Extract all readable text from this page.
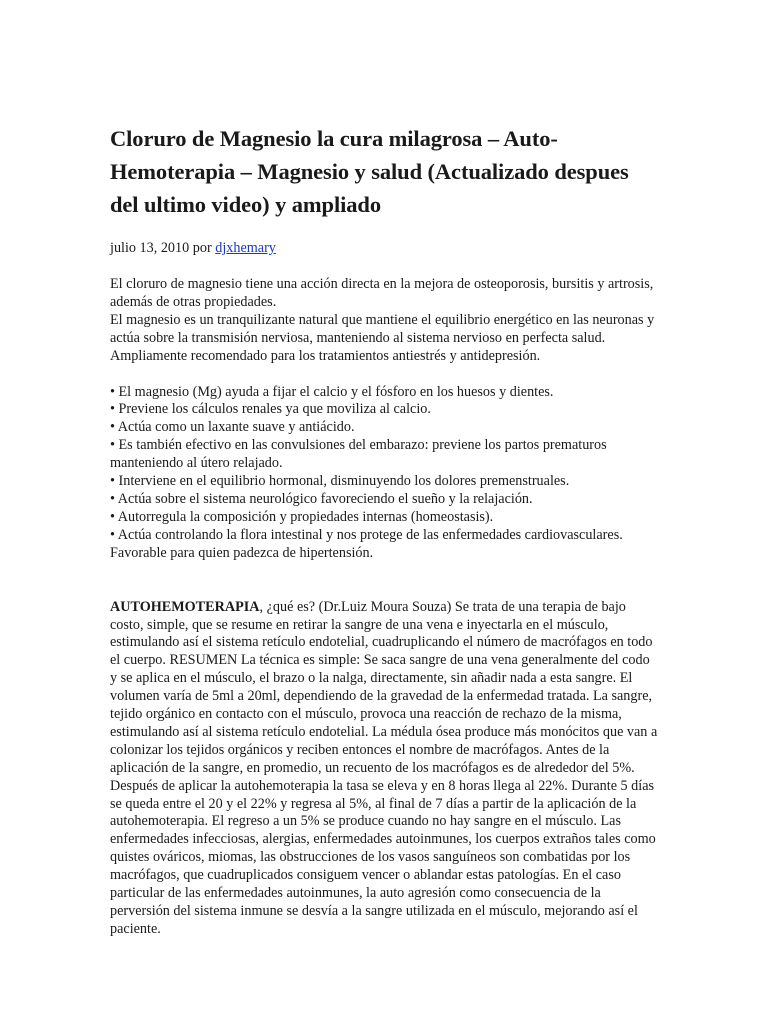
Cloruro de Magnesio la cura milagrosa – Auto-Hemoterapia – Magnesio y salud (Actualizado despues del ultimo video) y ampliado
julio 13, 2010 por djxhemary

El cloruro de magnesio tiene una acción directa en la mejora de osteoporosis, bursitis y artrosis, además de otras propiedades.

El magnesio es un tranquilizante natural que mantiene el equilibrio energético en las neuronas y actúa sobre la transmisión nerviosa, manteniendo al sistema nervioso en perfecta salud.

Ampliamente recomendado para los tratamientos antiestrés y antidepresión.

• El magnesio (Mg) ayuda a fijar el calcio y el fósforo en los huesos y dientes.
• Previene los cálculos renales ya que moviliza al calcio.
• Actúa como un laxante suave y antiácido.
• Es también efectivo en las convulsiones del embarazo: previene los partos prematuros manteniendo al útero relajado.
• Interviene en el equilibrio hormonal, disminuyendo los dolores premenstruales.
• Actúa sobre el sistema neurológico favoreciendo el sueño y la relajación.
• Autorregula la composición y propiedades internas (homeostasis).
• Actúa controlando la flora intestinal y nos protege de las enfermedades cardiovasculares. Favorable para quien padezca de hipertensión.

AUTOHEMOTERAPIA, ¿qué es? (Dr.Luiz Moura Souza) Se trata de una terapia de bajo costo, simple, que se resume en retirar la sangre de una vena e inyectarla en el músculo, estimulando así el sistema retículo endotelial, cuadruplicando el número de macrófagos en todo el cuerpo. RESUMEN La técnica es simple: Se saca sangre de una vena generalmente del codo y se aplica en el músculo, el brazo o la nalga, directamente, sin añadir nada a esta sangre. El volumen varía de 5ml a 20ml, dependiendo de la gravedad de la enfermedad tratada. La sangre, tejido orgánico en contacto con el músculo, provoca una reacción de rechazo de la misma, estimulando así al sistema retículo endotelial. La médula ósea produce más monócitos que van a colonizar los tejidos orgánicos y reciben entonces el nombre de macrófagos. Antes de la aplicación de la sangre, en promedio, un recuento de los macrófagos es de alrededor del 5%. Después de aplicar la autohemoterapia la tasa se eleva y en 8 horas llega al 22%. Durante 5 días se queda entre el 20 y el 22% y regresa al 5%, al final de 7 días a partir de la aplicación de la autohemoterapia. El regreso a un 5% se produce cuando no hay sangre en el músculo. Las enfermedades infecciosas, alergias, enfermedades autoinmunes, los cuerpos extraños tales como quistes ováricos, miomas, las obstrucciones de los vasos sanguíneos son combatidas por los macrófagos, que cuadruplicados consiguem vencer o ablandar estas patologías. En el caso particular de las enfermedades autoinmunes, la auto agresión como consecuencia de la perversión del sistema inmune se desvía a la sangre utilizada en el músculo, mejorando así el paciente.
